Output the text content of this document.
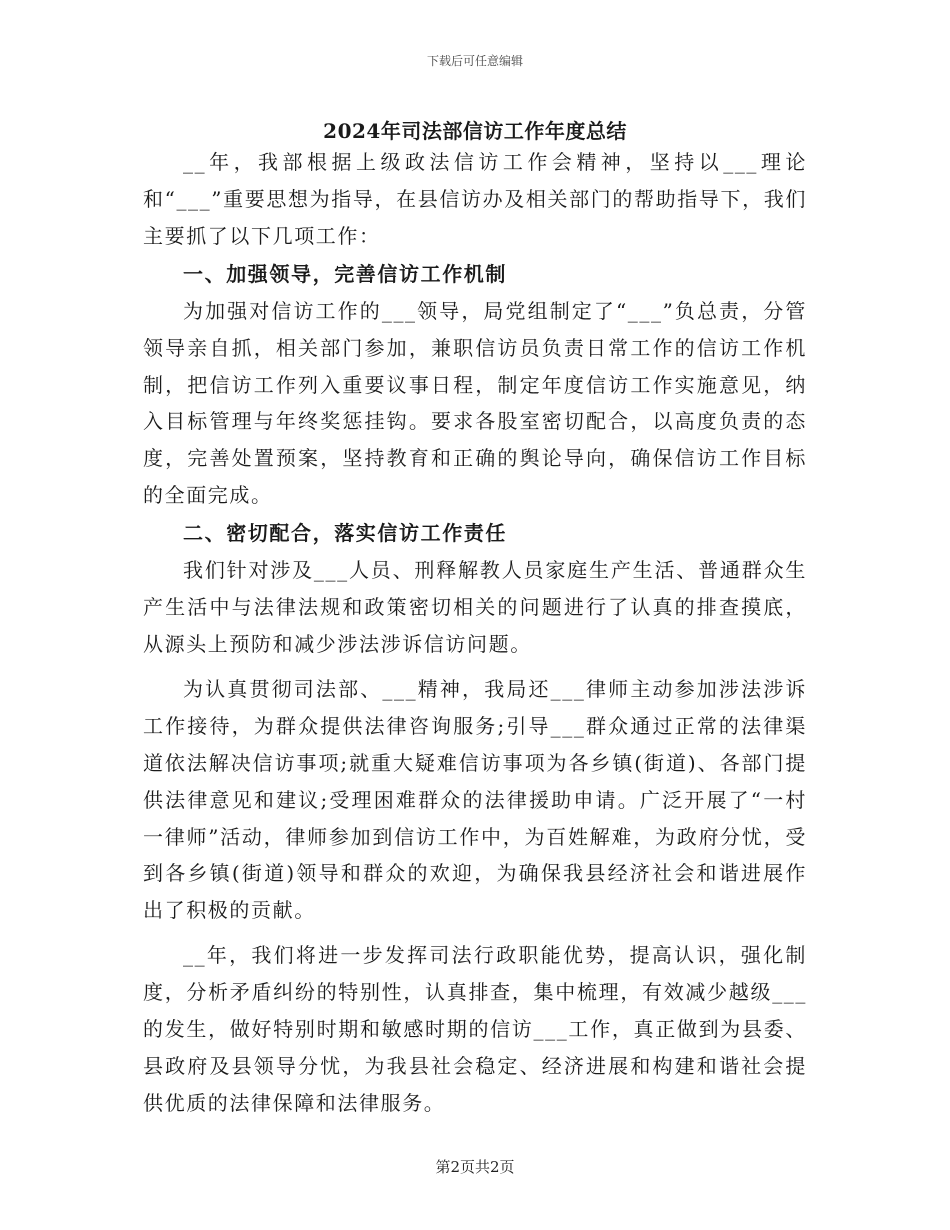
下载后可任意编辑
2024年司法部信访工作年度总结

__年，我部根据上级政法信访工作会精神，坚持以___理论和“___”重要思想为指导，在县信访办及相关部门的帮助指导下，我们主要抓了以下几项工作：

一、加强领导，完善信访工作机制

为加强对信访工作的___领导，局党组制定了“___”负总责，分管领导亲自抓，相关部门参加，兼职信访员负责日常工作的信访工作机制，把信访工作列入重要议事日程，制定年度信访工作实施意见，纳入目标管理与年终奖惩挂钩。要求各股室密切配合，以高度负责的态度，完善处置预案，坚持教育和正确的舆论导向，确保信访工作目标的全面完成。

二、密切配合，落实信访工作责任

我们针对涉及___人员、刑释解教人员家庭生产生活、普通群众生产生活中与法律法规和政策密切相关的问题进行了认真的排查摸底，从源头上预防和减少涉法涉诉信访问题。

为认真贯彻司法部、___精神，我局还___律师主动参加涉法涉诉工作接待，为群众提供法律咨询服务;引导___群众通过正常的法律渠道依法解决信访事项;就重大疑难信访事项为各乡镇(街道)、各部门提供法律意见和建议;受理困难群众的法律援助申请。广泛开展了“一村一律师”活动，律师参加到信访工作中，为百姓解难，为政府分忧，受到各乡镇(街道)领导和群众的欢迎，为确保我县经济社会和谐进展作出了积极的贡献。

__年，我们将进一步发挥司法行政职能优势，提高认识，强化制度，分析矛盾纠纷的特别性，认真排查，集中梳理，有效减少越级___的发生，做好特别时期和敏感时期的信访___工作，真正做到为县委、县政府及县领导分忧，为我县社会稳定、经济进展和构建和谐社会提供优质的法律保障和法律服务。

第2页共2页
